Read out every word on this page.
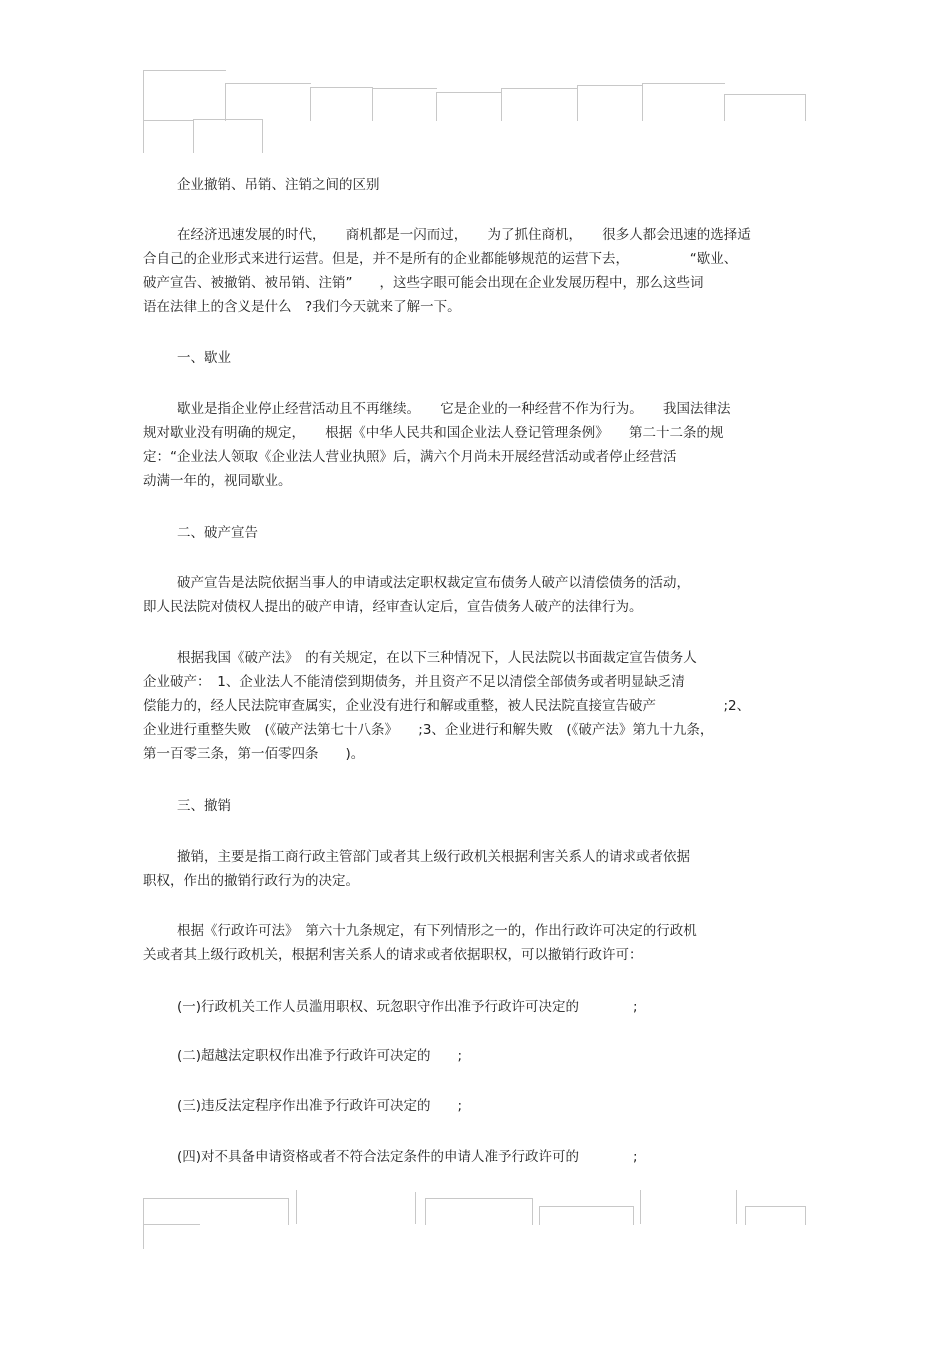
企业撤销、吊销、注销之间的区别
在经济迅速发展的时代，　　商机都是一闪而过，　　为了抓住商机，　　很多人都会迅速的选择适
合自己的企业形式来进行运营。但是，并不是所有的企业都能够规范的运营下去，　　　　　“歇业、
破产宣告、被撤销、被吊销、注销”　　，这些字眼可能会出现在企业发展历程中，那么这些词
语在法律上的含义是什么　?我们今天就来了解一下。
一、歇业
歇业是指企业停止经营活动且不再继续。　　它是企业的一种经营不作为行为。　　我国法律法
规对歇业没有明确的规定，　　根据《中华人民共和国企业法人登记管理条例》　　第二十二条的规
定：“企业法人领取《企业法人营业执照》后，满六个月尚未开展经营活动或者停止经营活
动满一年的，视同歇业。
二、破产宣告
破产宣告是法院依据当事人的申请或法定职权裁定宣布债务人破产以清偿债务的活动，
即人民法院对债权人提出的破产申请，经审查认定后，宣告债务人破产的法律行为。
根据我国《破产法》　的有关规定，在以下三种情况下，人民法院以书面裁定宣告债务人
企业破产：　1、企业法人不能清偿到期债务，并且资产不足以清偿全部债务或者明显缺乏清
偿能力的，经人民法院审查属实，企业没有进行和解或重整，被人民法院直接宣告破产　　　　　;2、
企业进行重整失败　(《破产法第七十八条》　　;3、企业进行和解失败　(《破产法》第九十九条，
第一百零三条，第一佰零四条　　)。
三、撤销
撤销，主要是指工商行政主管部门或者其上级行政机关根据利害关系人的请求或者依据
职权，作出的撤销行政行为的决定。
根据《行政许可法》　第六十九条规定，有下列情形之一的，作出行政许可决定的行政机
关或者其上级行政机关，根据利害关系人的请求或者依据职权，可以撤销行政许可：
(一)行政机关工作人员滥用职权、玩忽职守作出准予行政许可决定的　　　　;
(二)超越法定职权作出准予行政许可决定的　　;
(三)违反法定程序作出准予行政许可决定的　　;
(四)对不具备申请资格或者不符合法定条件的申请人准予行政许可的　　　　;
